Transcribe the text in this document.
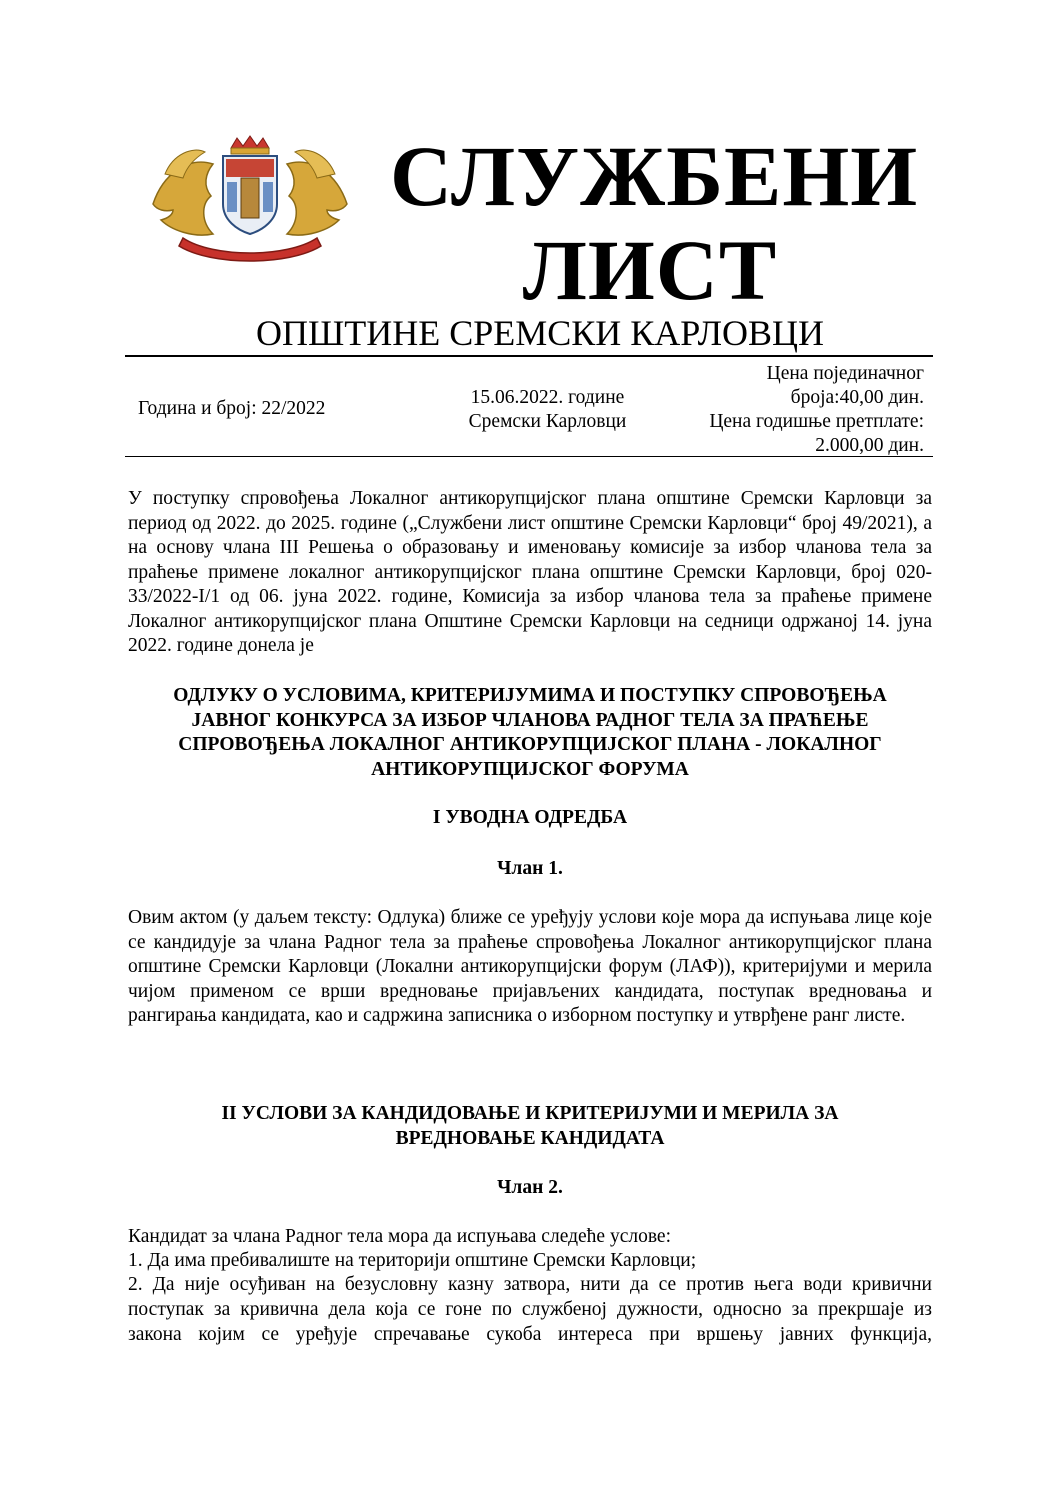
СЛУЖБЕНИ
ЛИСТ
ОПШТИНЕ СРЕМСКИ КАРЛОВЦИ
Година и број: 22/2022
15.06.2022. године
Сремски Карловци
Цена појединачног
броја:40,00 дин.
Цена годишње претплате:
2.000,00 дин.
У поступку спровођења Локалног антикорупцијског плана општине Сремски Карловци за период од 2022. до 2025. године („Службени лист општине Сремски Карловци“ број 49/2021), а на основу члана III Решења о образовању и именовању комисије за избор чланова тела за праћење примене локалног антикорупцијског плана општине Сремски Карловци, број 020-33/2022-I/1 од 06. јуна 2022. године, Комисија за избор чланова тела за праћење примене Локалног антикорупцијског плана Општине Сремски Карловци на седници одржаној 14. јуна 2022. године донела је
ОДЛУКУ О УСЛОВИМА, КРИТЕРИЈУМИМА И ПОСТУПКУ СПРОВОЂЕЊА
ЈАВНОГ КОНКУРСА ЗА ИЗБОР ЧЛАНОВА РАДНОГ ТЕЛА ЗА ПРАЋЕЊЕ
СПРОВОЂЕЊА ЛОКАЛНОГ АНТИКОРУПЦИЈСКОГ ПЛАНА - ЛОКАЛНОГ
АНТИКОРУПЦИЈСКОГ ФОРУМА
I УВОДНА ОДРЕДБА
Члан 1.
Овим актом (у даљем тексту: Одлука) ближе се уређују услови које мора да испуњава лице које се кандидује за члана Радног тела за праћење спровођења Локалног антикорупцијског плана општине Сремски Карловци (Локални антикорупцијски форум (ЛАФ)), критеријуми и мерила чијом применом се врши вредновање пријављених кандидата, поступак вредновања и рангирања кандидата, као и садржина записника о изборном поступку и утврђене ранг листе.
II УСЛОВИ ЗА КАНДИДОВАЊЕ И КРИТЕРИЈУМИ И МЕРИЛА ЗА
ВРЕДНОВАЊЕ КАНДИДАТА
Члан 2.
Кандидат за члана Радног тела мора да испуњава следеће услове:
1. Да има пребивалиште на територији општине Сремски Карловци;
2. Да није осуђиван на безусловну казну затвора, нити да се против њега води кривични
поступак за кривична дела која се гоне по службеној дужности, односно за прекршаје из
закона којим се уређује спречавање сукоба интереса при вршењу јавних функција,
